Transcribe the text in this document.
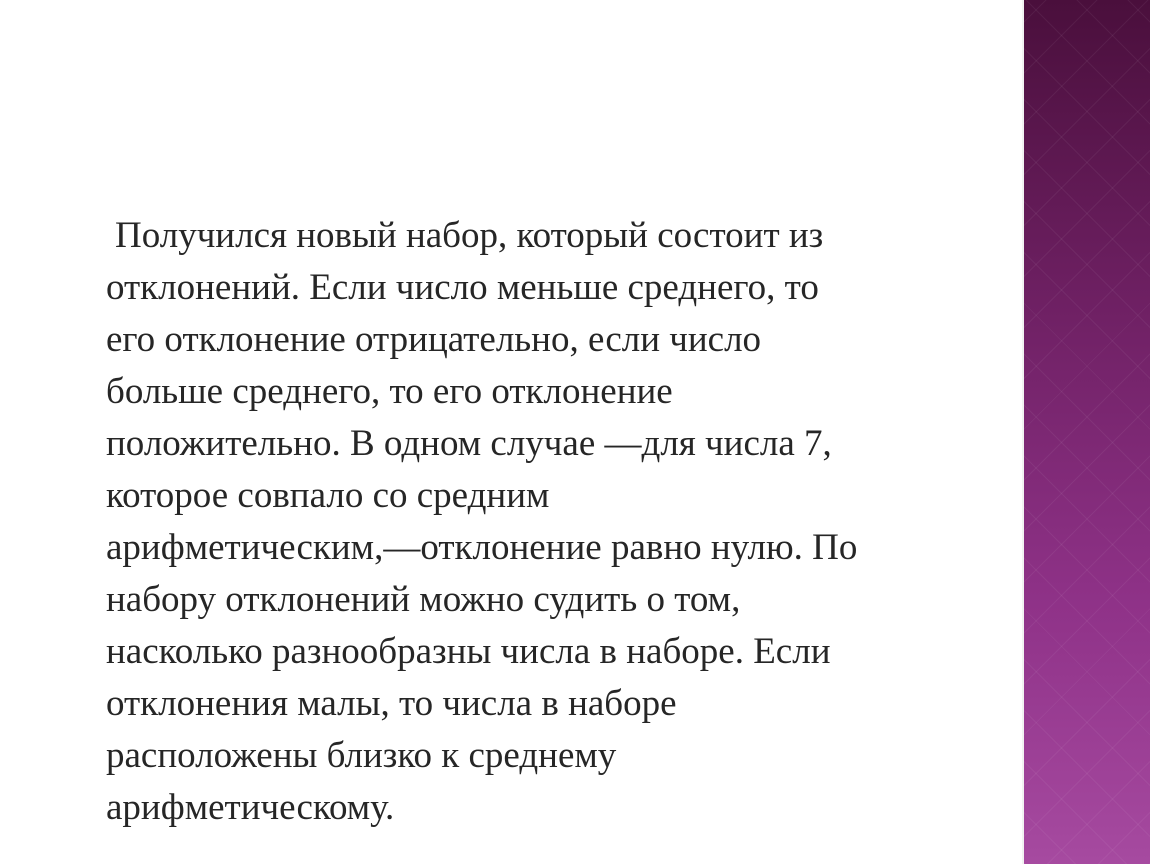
Получился новый набор, который состоит из
отклонений. Если число меньше среднего, то
его отклонение отрицательно, если число
больше среднего, то его отклонение
положительно. В одном случае —для числа 7,
которое совпало со средним
арифметическим,—отклонение равно нулю. По
набору отклонений можно судить о том,
насколько разнообразны числа в наборе. Если
отклонения малы, то числа в наборе
расположены близко к среднему
арифметическому.
